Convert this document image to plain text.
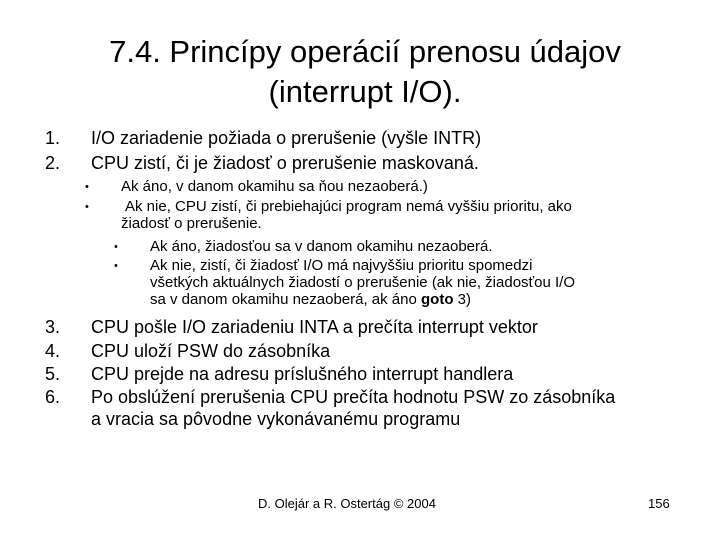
7.4. Princípy operácií prenosu údajov
(interrupt I/O).
1. I/O zariadenie požiada o prerušenie (vyšle INTR)
2. CPU zistí, či je žiadosť o prerušenie maskovaná.
• Ak áno, v danom okamihu sa ňou nezaoberá.)
• Ak nie, CPU zistí, či prebiehajúci program nemá vyššiu prioritu, ako
žiadosť o prerušenie.
• Ak áno, žiadosťou sa v danom okamihu nezaoberá.
• Ak nie, zistí, či žiadosť I/O má najvyššiu prioritu spomedzi
všetkých aktuálnych žiadostí o prerušenie (ak nie, žiadosťou I/O
sa v danom okamihu nezaoberá, ak áno goto 3)
3. CPU pošle I/O zariadeniu INTA a prečíta interrupt vektor
4. CPU uloží PSW do zásobníka
5. CPU prejde na adresu príslušného interrupt handlera
6. Po obslúžení prerušenia CPU prečíta hodnotu PSW zo zásobníka
a vracia sa pôvodne vykonávanému programu
D. Olejár a R. Ostertág © 2004	156
